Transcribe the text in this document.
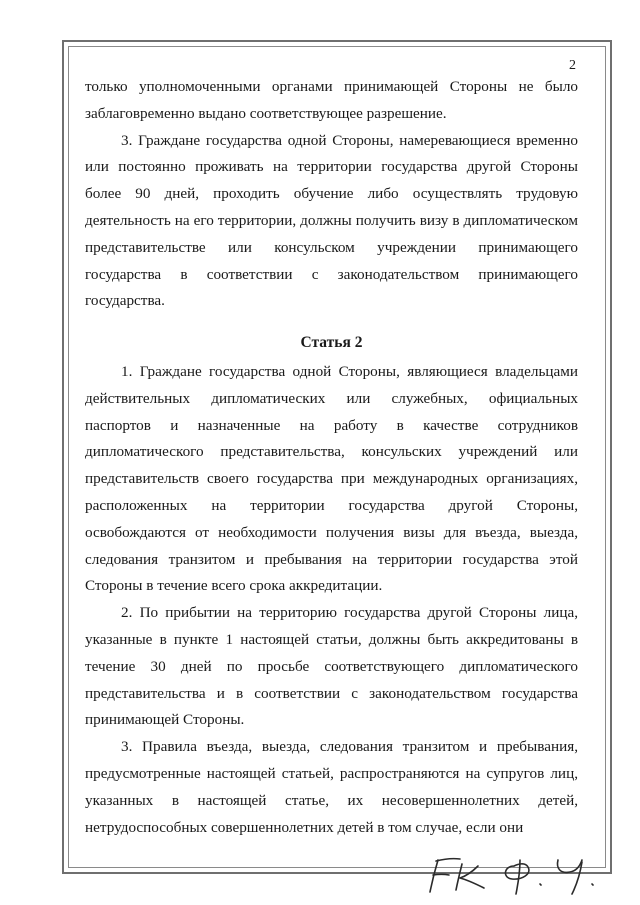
2

только уполномоченными органами принимающей Стороны не было заблаговременно выдано соответствующее разрешение.

3. Граждане государства одной Стороны, намеревающиеся временно или постоянно проживать на территории государства другой Стороны более 90 дней, проходить обучение либо осуществлять трудовую деятельность на его территории, должны получить визу в дипломатическом представительстве или консульском учреждении принимающего государства в соответствии с законодательством принимающего государства.

Статья 2

1. Граждане государства одной Стороны, являющиеся владельцами действительных дипломатических или служебных, официальных паспортов и назначенные на работу в качестве сотрудников дипломатического представительства, консульских учреждений или представительств своего государства при международных организациях, расположенных на территории государства другой Стороны, освобождаются от необходимости получения визы для въезда, выезда, следования транзитом и пребывания на территории государства этой Стороны в течение всего срока аккредитации.

2. По прибытии на территорию государства другой Стороны лица, указанные в пункте 1 настоящей статьи, должны быть аккредитованы в течение 30 дней по просьбе соответствующего дипломатического представительства и в соответствии с законодательством государства принимающей Стороны.

3. Правила въезда, выезда, следования транзитом и пребывания, предусмотренные настоящей статьей, распространяются на супругов лиц, указанных в настоящей статье, их несовершеннолетних детей, нетрудоспособных совершеннолетних детей в том случае, если они
